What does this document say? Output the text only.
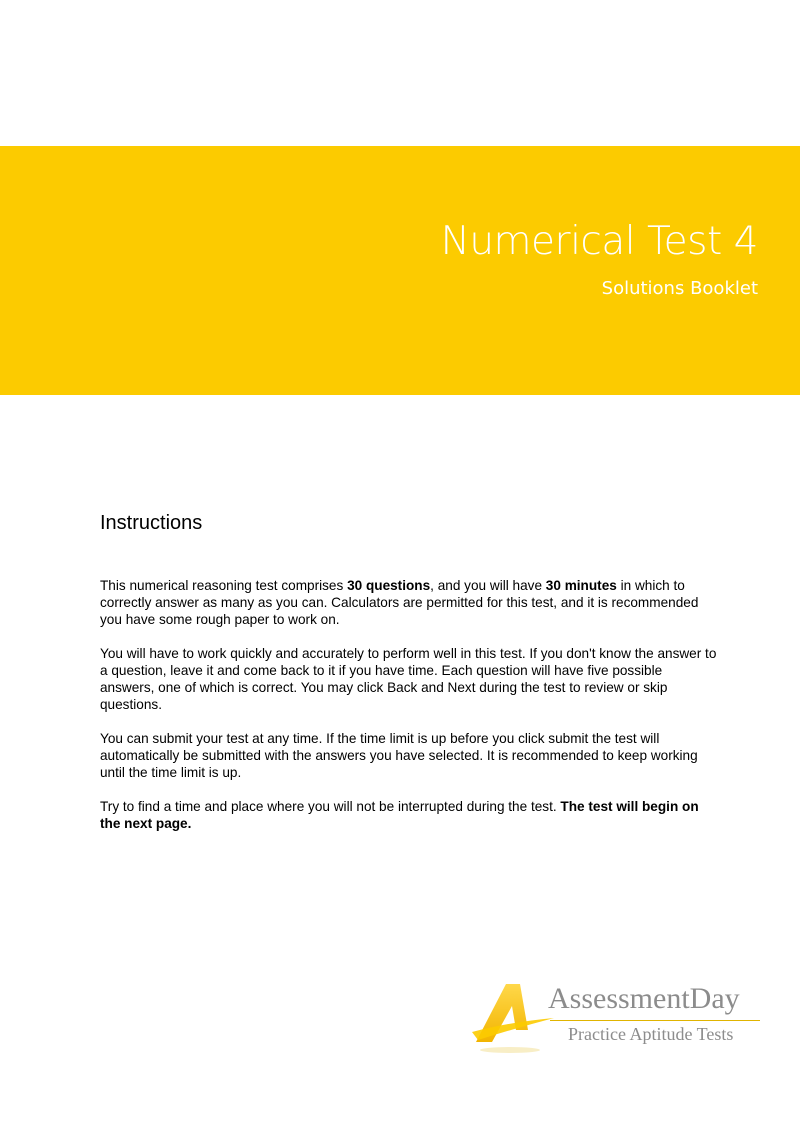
Numerical Test 4
Solutions Booklet
Instructions

This numerical reasoning test comprises 30 questions, and you will have 30 minutes in which to correctly answer as many as you can. Calculators are permitted for this test, and it is recommended you have some rough paper to work on.

You will have to work quickly and accurately to perform well in this test. If you don't know the answer to a question, leave it and come back to it if you have time. Each question will have five possible answers, one of which is correct. You may click Back and Next during the test to review or skip questions.

You can submit your test at any time. If the time limit is up before you click submit the test will automatically be submitted with the answers you have selected. It is recommended to keep working until the time limit is up.

Try to find a time and place where you will not be interrupted during the test. The test will begin on the next page.

AssessmentDay
Practice Aptitude Tests
